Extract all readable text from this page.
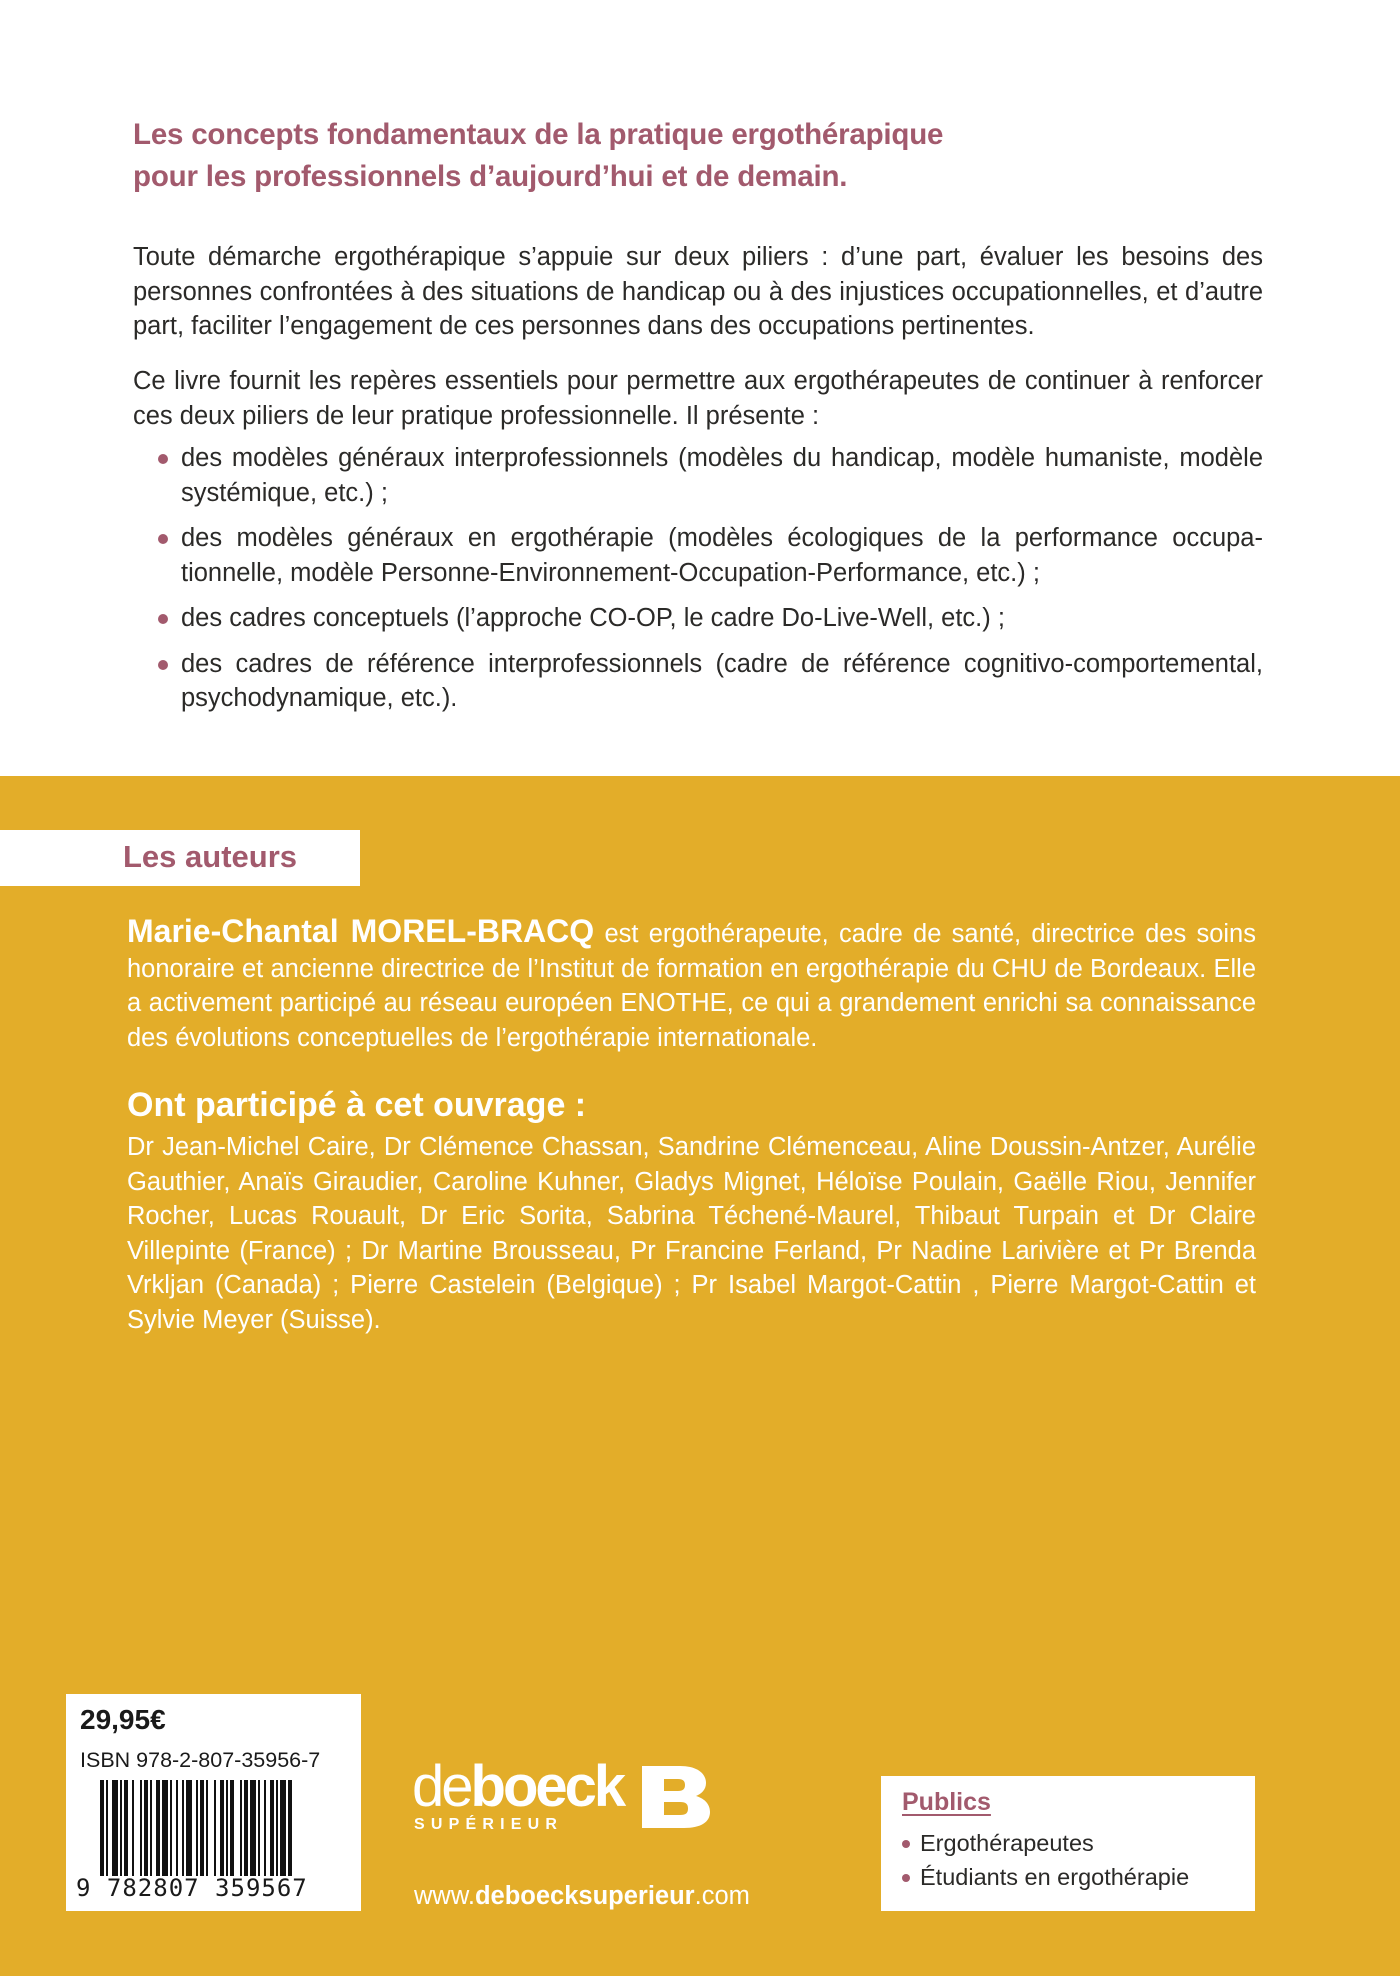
Les concepts fondamentaux de la pratique ergothérapique
pour les professionnels d’aujourd’hui et de demain.

Toute démarche ergothérapique s’appuie sur deux piliers : d’une part, évaluer les besoins des personnes confrontées à des situations de handicap ou à des injustices occupationnelles, et d’autre part, faciliter l’engagement de ces personnes dans des occupations pertinentes.

Ce livre fournit les repères essentiels pour permettre aux ergothérapeutes de continuer à renforcer ces deux piliers de leur pratique professionnelle. Il présente :

des modèles généraux interprofessionnels (modèles du handicap, modèle humaniste, modèle systémique, etc.) ;
des modèles généraux en ergothérapie (modèles écologiques de la performance occupationnelle, modèle Personne-Environnement-Occupation-Performance, etc.) ;
des cadres conceptuels (l’approche CO-OP, le cadre Do-Live-Well, etc.) ;
des cadres de référence interprofessionnels (cadre de référence cognitivo-comportemental, psychodynamique, etc.).
Les auteurs

Marie-Chantal MOREL-BRACQ est ergothérapeute, cadre de santé, directrice des soins honoraire et ancienne directrice de l’Institut de formation en ergothérapie du CHU de Bordeaux. Elle a activement participé au réseau européen ENOTHE, ce qui a grandement enrichi sa connaissance des évolutions conceptuelles de l’ergothérapie internationale.

Ont participé à cet ouvrage :

Dr Jean-Michel Caire, Dr Clémence Chassan, Sandrine Clémenceau, Aline Doussin-Antzer, Aurélie Gauthier, Anaïs Giraudier, Caroline Kuhner, Gladys Mignet, Héloïse Poulain, Gaëlle Riou, Jennifer Rocher, Lucas Rouault, Dr Eric Sorita, Sabrina Téchené-Maurel, Thibaut Turpain et Dr Claire Villepinte (France) ; Dr Martine Brousseau, Pr Francine Ferland, Pr Nadine Larivière et Pr Brenda Vrkljan (Canada) ; Pierre Castelein (Belgique) ; Pr Isabel Margot-Cattin , Pierre Margot-Cattin et Sylvie Meyer (Suisse).

29,95€
ISBN 978-2-807-35956-7
9 782807 359567
deboeck
SUPÉRIEUR
www.deboecksuperieur.com
Publics
Ergothérapeutes
Étudiants en ergothérapie
